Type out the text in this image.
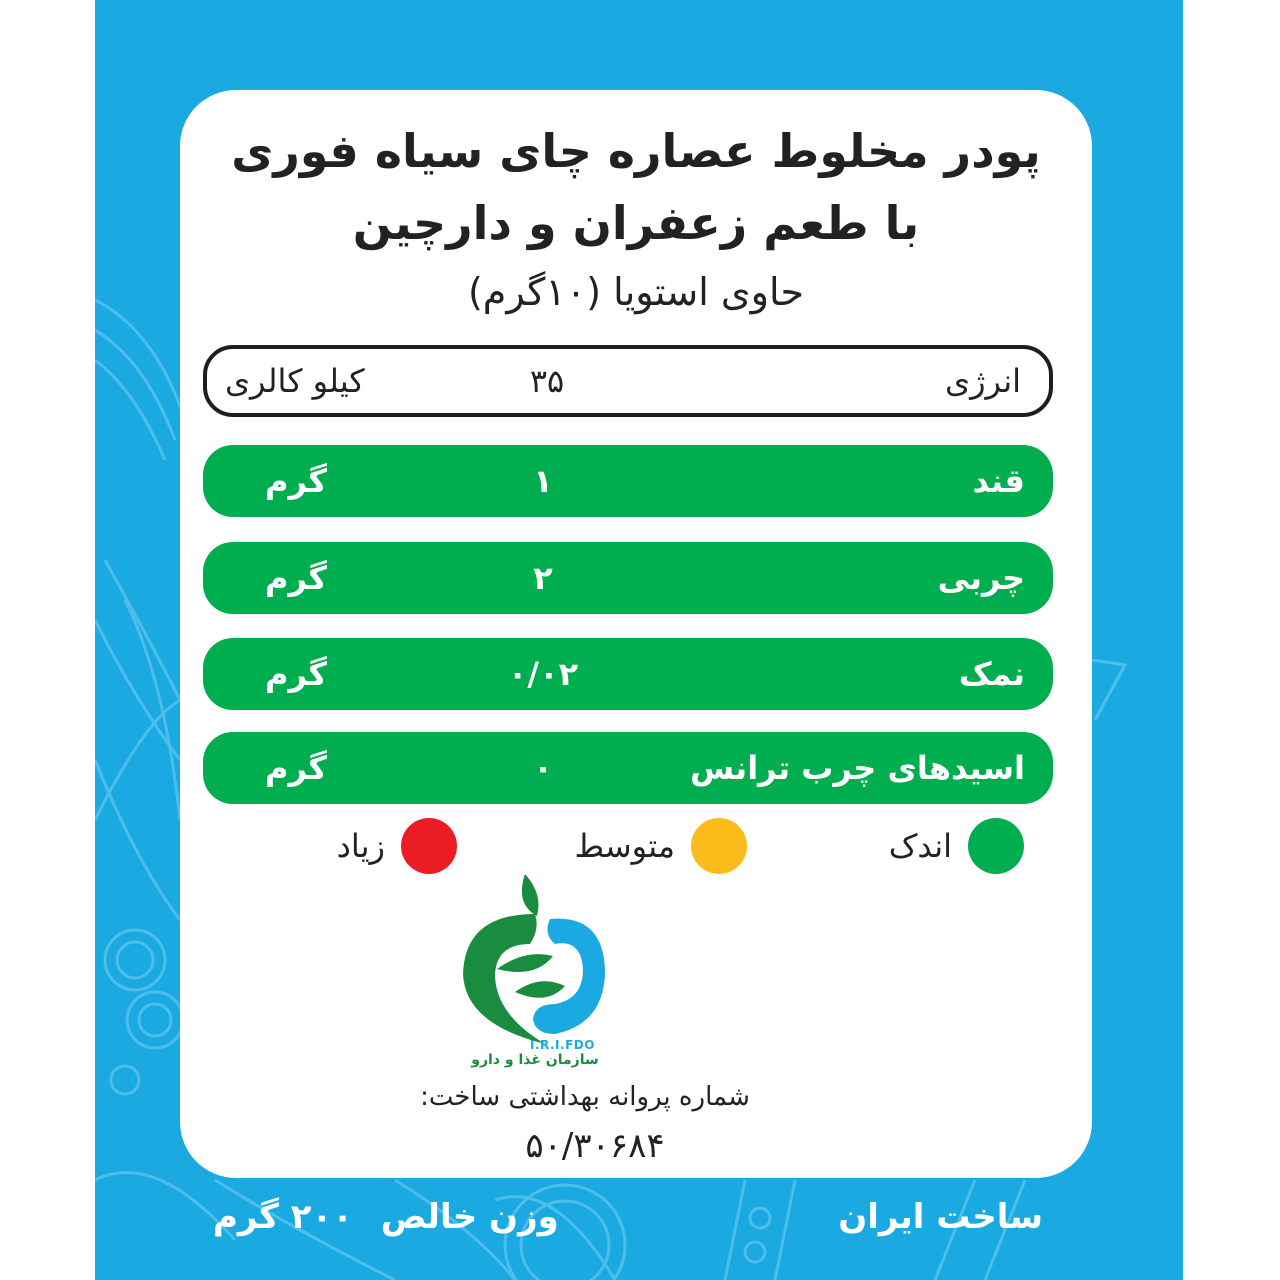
پودر مخلوط عصاره چای سیاه فوری
با طعم زعفران و دارچین
حاوی استویا (۱۰گرم)
انرژی
۳۵
کیلو کالری
قند
۱
گرم
چربی
۲
گرم
نمک
۰/۰۲
گرم
اسیدهای چرب ترانس
۰
گرم
اندک
متوسط
زیاد
I.R.I.FDO
سازمان غذا و دارو
شماره پروانه بهداشتی ساخت:
۵۰/۳۰۶۸۴
ساخت ایران
وزن خالص ۲۰۰ گرم
